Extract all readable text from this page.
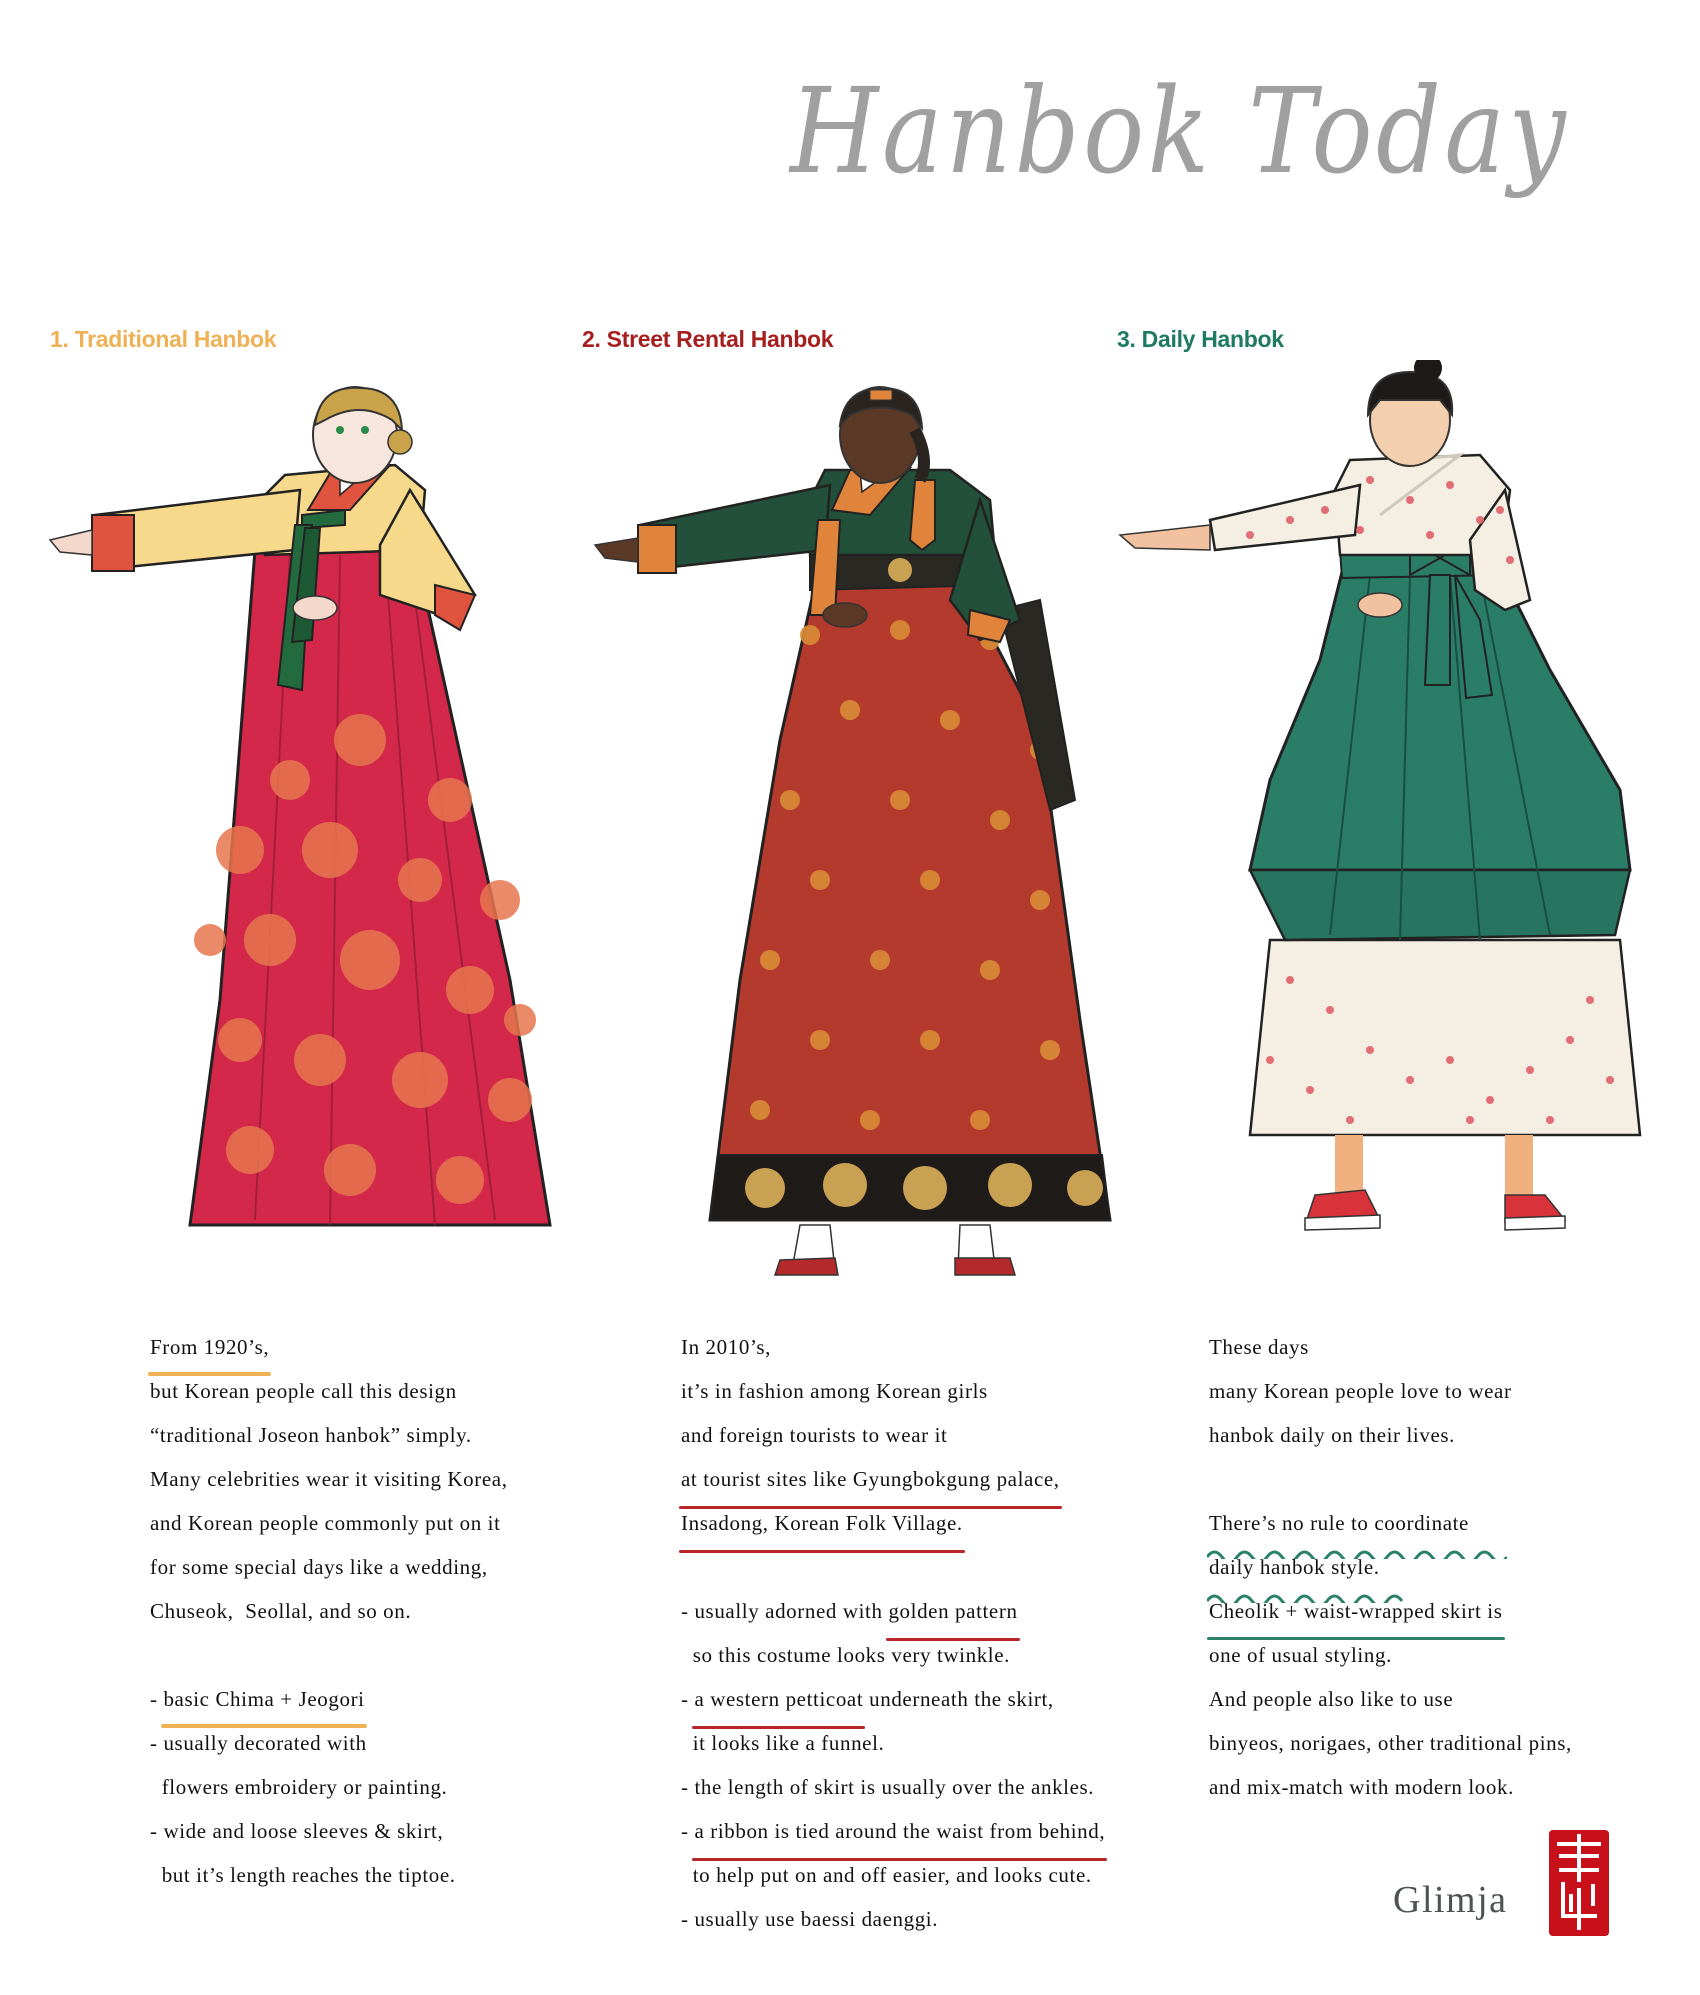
Hanbok Today
1. Traditional Hanbok	2. Street Rental Hanbok	3. Daily Hanbok
From 1920’s,
but Korean people call this design
“traditional Joseon hanbok” simply.
Many celebrities wear it visiting Korea,
and Korean people commonly put on it
for some special days like a wedding,
Chuseok,  Seollal, and so on.
- basic Chima + Jeogori
- usually decorated with
flowers embroidery or painting.
- wide and loose sleeves & skirt,
but it’s length reaches the tiptoe.
In 2010’s,
it’s in fashion among Korean girls
and foreign tourists to wear it
at tourist sites like Gyungbokgung palace,
Insadong, Korean Folk Village.
- usually adorned with golden pattern
so this costume looks very twinkle.
- a western petticoat underneath the skirt,
it looks like a funnel.
- the length of skirt is usually over the ankles.
- a ribbon is tied around the waist from behind,
to help put on and off easier, and looks cute.
- usually use baessi daenggi.
These days
many Korean people love to wear
hanbok daily on their lives.
There’s no rule to coordinate
daily hanbok style.
Cheolik + waist-wrapped skirt is
one of usual styling.
And people also like to use
binyeos, norigaes, other traditional pins,
and mix-match with modern look.
Glimja
